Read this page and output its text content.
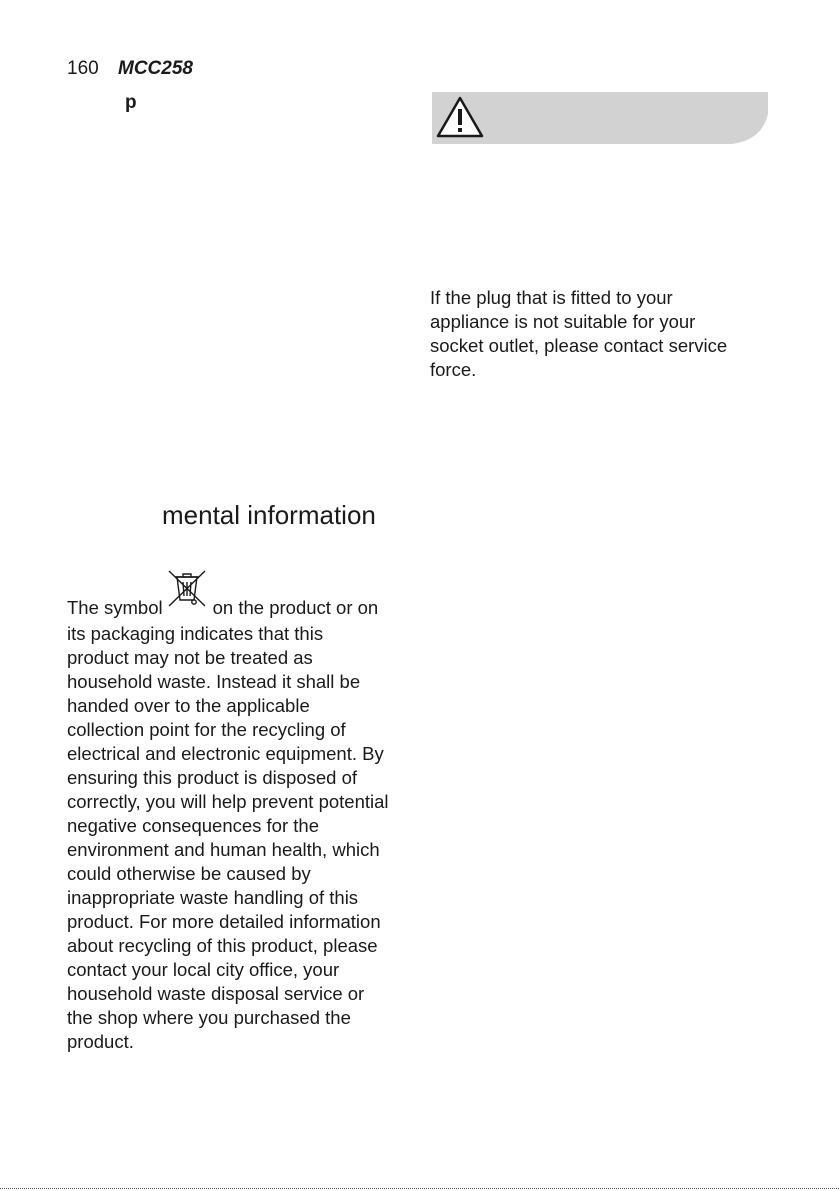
160 MCC258
p

If the plug that is fitted to your
appliance is not suitable for your
socket outlet, please contact service
force.

mental information

The symbol	on the product or on
its packaging indicates that this
product may not be treated as
household waste. Instead it shall be
handed over to the applicable
collection point for the recycling of
electrical and electronic equipment. By
ensuring this product is disposed of
correctly, you will help prevent potential
negative consequences for the
environment and human health, which
could otherwise be caused by
inappropriate waste handling of this
product. For more detailed information
about recycling of this product, please
contact your local city office, your
household waste disposal service or
the shop where you purchased the
product.
